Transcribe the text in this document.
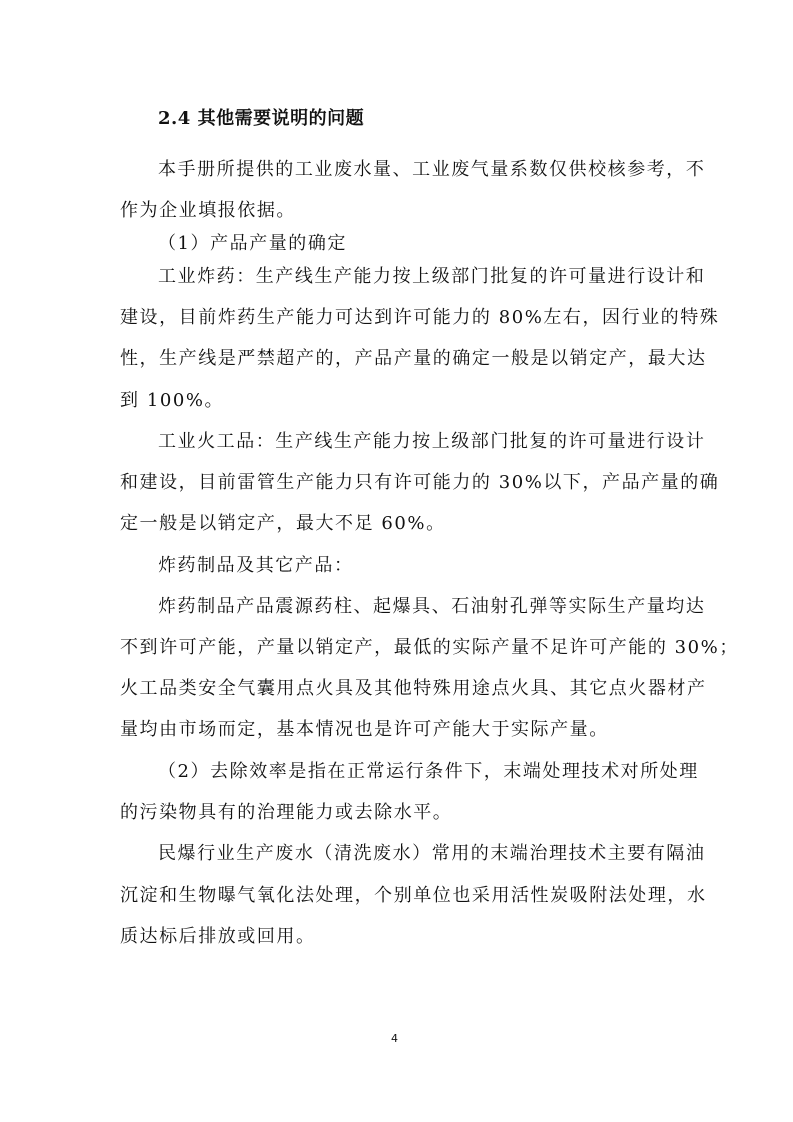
2.4 其他需要说明的问题
本手册所提供的工业废水量、工业废气量系数仅供校核参考，不
作为企业填报依据。
（1）产品产量的确定
工业炸药：生产线生产能力按上级部门批复的许可量进行设计和
建设，目前炸药生产能力可达到许可能力的 80%左右，因行业的特殊
性，生产线是严禁超产的，产品产量的确定一般是以销定产，最大达
到 100%。
工业火工品：生产线生产能力按上级部门批复的许可量进行设计
和建设，目前雷管生产能力只有许可能力的 30%以下，产品产量的确
定一般是以销定产，最大不足 60%。
炸药制品及其它产品：
炸药制品产品震源药柱、起爆具、石油射孔弹等实际生产量均达
不到许可产能，产量以销定产，最低的实际产量不足许可产能的 30%；
火工品类安全气囊用点火具及其他特殊用途点火具、其它点火器材产
量均由市场而定，基本情况也是许可产能大于实际产量。
（2）去除效率是指在正常运行条件下，末端处理技术对所处理
的污染物具有的治理能力或去除水平。
民爆行业生产废水（清洗废水）常用的末端治理技术主要有隔油
沉淀和生物曝气氧化法处理，个别单位也采用活性炭吸附法处理，水
质达标后排放或回用。
4
